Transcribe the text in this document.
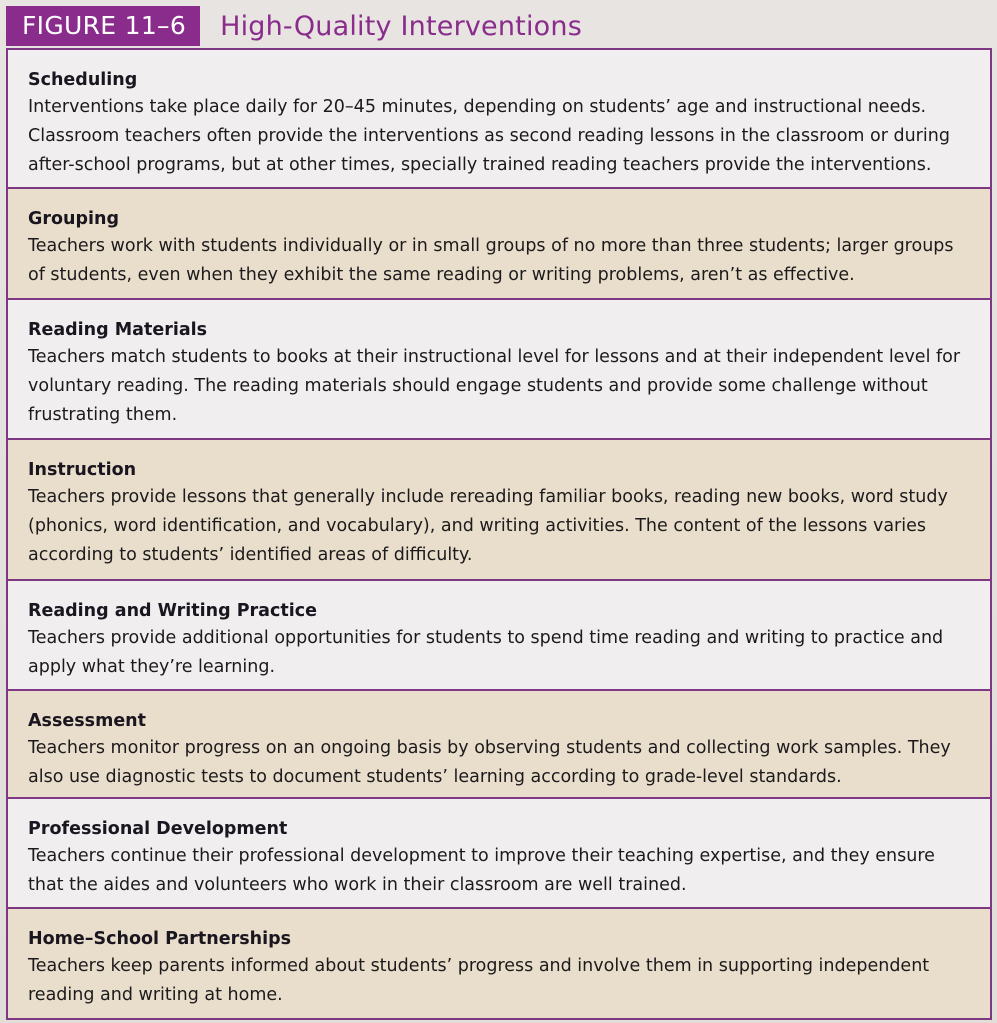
FIGURE 11–6	High-Quality Interventions
Scheduling
Interventions take place daily for 20–45 minutes, depending on students’ age and instructional needs. Classroom teachers often provide the interventions as second reading lessons in the classroom or during after-school programs, but at other times, specially trained reading teachers provide the interventions.
Grouping
Teachers work with students individually or in small groups of no more than three students; larger groups of students, even when they exhibit the same reading or writing problems, aren’t as effective.
Reading Materials
Teachers match students to books at their instructional level for lessons and at their independent level for voluntary reading. The reading materials should engage students and provide some challenge without frustrating them.
Instruction
Teachers provide lessons that generally include rereading familiar books, reading new books, word study (phonics, word identification, and vocabulary), and writing activities. The content of the lessons varies according to students’ identified areas of difficulty.
Reading and Writing Practice
Teachers provide additional opportunities for students to spend time reading and writing to practice and apply what they’re learning.
Assessment
Teachers monitor progress on an ongoing basis by observing students and collecting work samples. They also use diagnostic tests to document students’ learning according to grade-level standards.
Professional Development
Teachers continue their professional development to improve their teaching expertise, and they ensure that the aides and volunteers who work in their classroom are well trained.
Home–School Partnerships
Teachers keep parents informed about students’ progress and involve them in supporting independent reading and writing at home.
